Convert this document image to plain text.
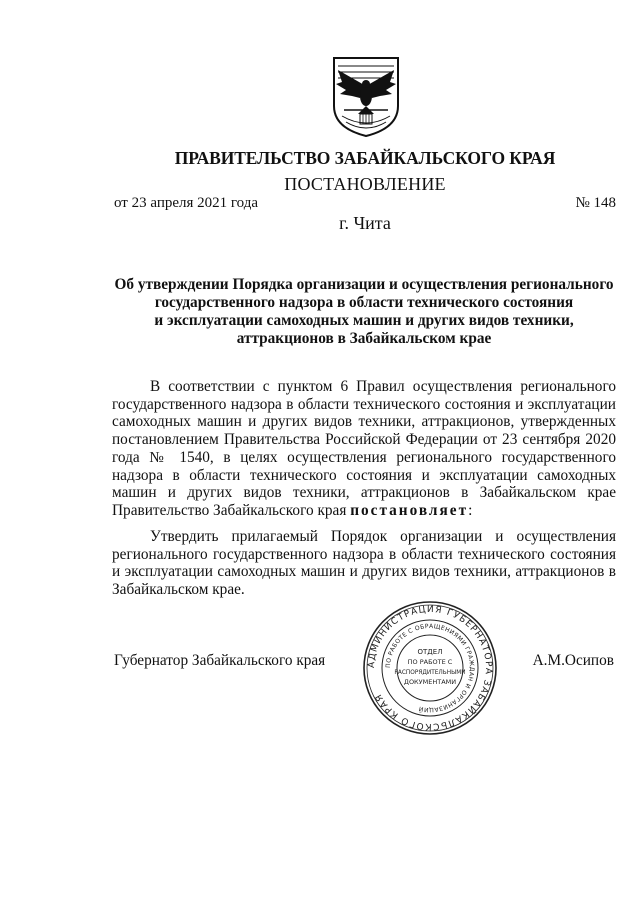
ПРАВИТЕЛЬСТВО ЗАБАЙКАЛЬСКОГО КРАЯ
ПОСТАНОВЛЕНИЕ
от 23 апреля 2021 года	№ 148
г. Чита
Об утверждении Порядка организации и осуществления регионального
государственного надзора в области технического состояния
и эксплуатации самоходных машин и других видов техники,
аттракционов в Забайкальском крае

В соответствии с пунктом 6 Правил осуществления регионального государственного надзора в области технического состояния и эксплуатации самоходных машин и других видов техники, аттракционов, утвержденных постановлением Правительства Российской Федерации от 23 сентября 2020 года № 1540, в целях осуществления регионального государственного надзора в области технического состояния и эксплуатации самоходных машин и других видов техники, аттракционов в Забайкальском крае Правительство Забайкальского края постановляет:

Утвердить прилагаемый Порядок организации и осуществления регионального государственного надзора в области технического состояния и эксплуатации самоходных машин и других видов техники, аттракционов в Забайкальском крае.

Губернатор Забайкальского края	А.М.Осипов
АДМИНИСТРАЦИЯ ГУБЕРНАТОРА ЗАБАЙКАЛЬСКОГО КРАЯ
ПО РАБОТЕ С ОБРАЩЕНИЯМИ ГРАЖДАН И ОРГАНИЗАЦИЙ
ОТДЕЛ
ПО РАБОТЕ С
РАСПОРЯДИТЕЛЬНЫМИ
ДОКУМЕНТАМИ
